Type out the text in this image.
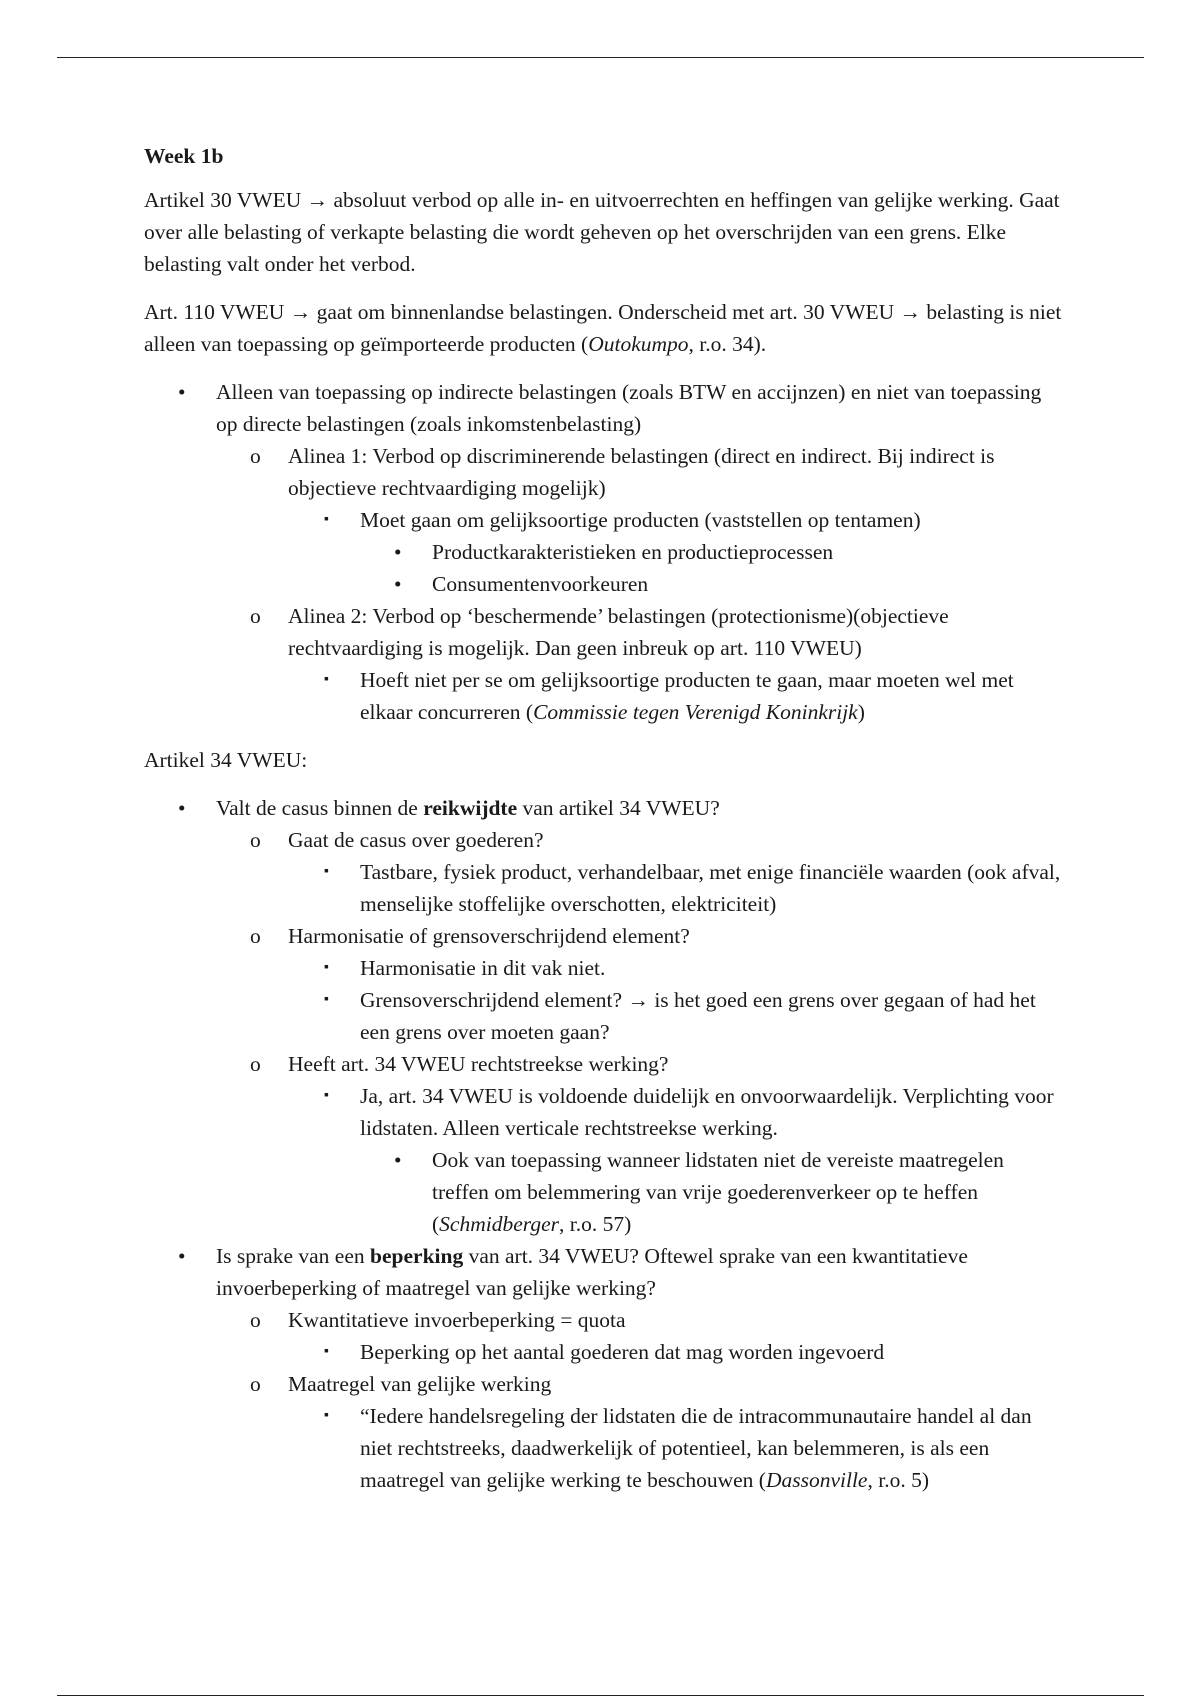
Week 1b

Artikel 30 VWEU → absoluut verbod op alle in- en uitvoerrechten en heffingen van gelijke werking. Gaat over alle belasting of verkapte belasting die wordt geheven op het overschrijden van een grens. Elke belasting valt onder het verbod.

Art. 110 VWEU → gaat om binnenlandse belastingen. Onderscheid met art. 30 VWEU → belasting is niet alleen van toepassing op geïmporteerde producten (Outokumpo, r.o. 34).

• Alleen van toepassing op indirecte belastingen (zoals BTW en accijnzen) en niet van toepassing op directe belastingen (zoals inkomstenbelasting)
o Alinea 1: Verbod op discriminerende belastingen (direct en indirect. Bij indirect is objectieve rechtvaardiging mogelijk)
▪ Moet gaan om gelijksoortige producten (vaststellen op tentamen)
• Productkarakteristieken en productieprocessen
• Consumentenvoorkeuren
o Alinea 2: Verbod op ‘beschermende’ belastingen (protectionisme)(objectieve rechtvaardiging is mogelijk. Dan geen inbreuk op art. 110 VWEU)
▪ Hoeft niet per se om gelijksoortige producten te gaan, maar moeten wel met elkaar concurreren (Commissie tegen Verenigd Koninkrijk)

Artikel 34 VWEU:

• Valt de casus binnen de reikwijdte van artikel 34 VWEU?
o Gaat de casus over goederen?
▪ Tastbare, fysiek product, verhandelbaar, met enige financiële waarden (ook afval, menselijke stoffelijke overschotten, elektriciteit)
o Harmonisatie of grensoverschrijdend element?
▪ Harmonisatie in dit vak niet.
▪ Grensoverschrijdend element? → is het goed een grens over gegaan of had het een grens over moeten gaan?
o Heeft art. 34 VWEU rechtstreekse werking?
▪ Ja, art. 34 VWEU is voldoende duidelijk en onvoorwaardelijk. Verplichting voor lidstaten. Alleen verticale rechtstreekse werking.
• Ook van toepassing wanneer lidstaten niet de vereiste maatregelen treffen om belemmering van vrije goederenverkeer op te heffen (Schmidberger, r.o. 57)
• Is sprake van een beperking van art. 34 VWEU? Oftewel sprake van een kwantitatieve invoerbeperking of maatregel van gelijke werking?
o Kwantitatieve invoerbeperking = quota
▪ Beperking op het aantal goederen dat mag worden ingevoerd
o Maatregel van gelijke werking
▪ “Iedere handelsregeling der lidstaten die de intracommunautaire handel al dan niet rechtstreeks, daadwerkelijk of potentieel, kan belemmeren, is als een maatregel van gelijke werking te beschouwen (Dassonville, r.o. 5)
